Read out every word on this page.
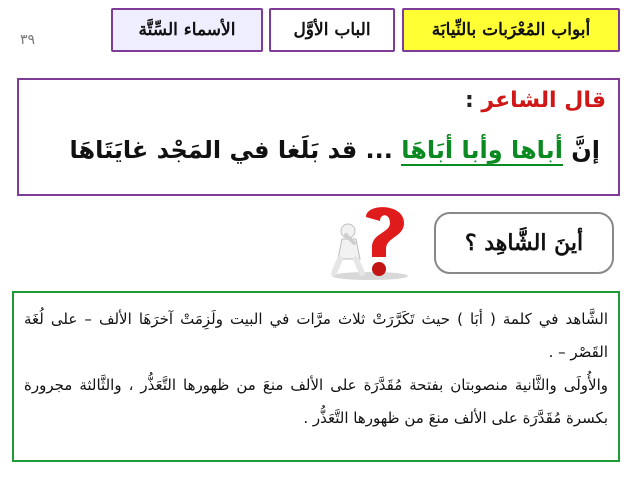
أبواب المُعْرَبات بالنِّيابَة
الباب الأوَّل
الأسماء السِّتَّة
٣٩
قال الشاعر :
إنَّ أباها وأبا أبَاهَا ... قد بَلَغا في المَجْد غايَتَاهَا
أينَ الشَّاهِد ؟
الشَّاهد في كلمة ( أبَا ) حيث تَكَرَّرَتْ ثلاث مرَّات في البيت ولَزِمَتْ آخرَهَا الألف – على لُغَة القَصْر – .
والأُولَى والثَّانية منصوبتان بفتحة مُقَدَّرَة على الألف منعَ من ظهورها التَّعَذُّر ، والثَّالثة مجرورة بكسرة مُقَدَّرَة على الألف منعَ من ظهورها التَّعَذُّر .
